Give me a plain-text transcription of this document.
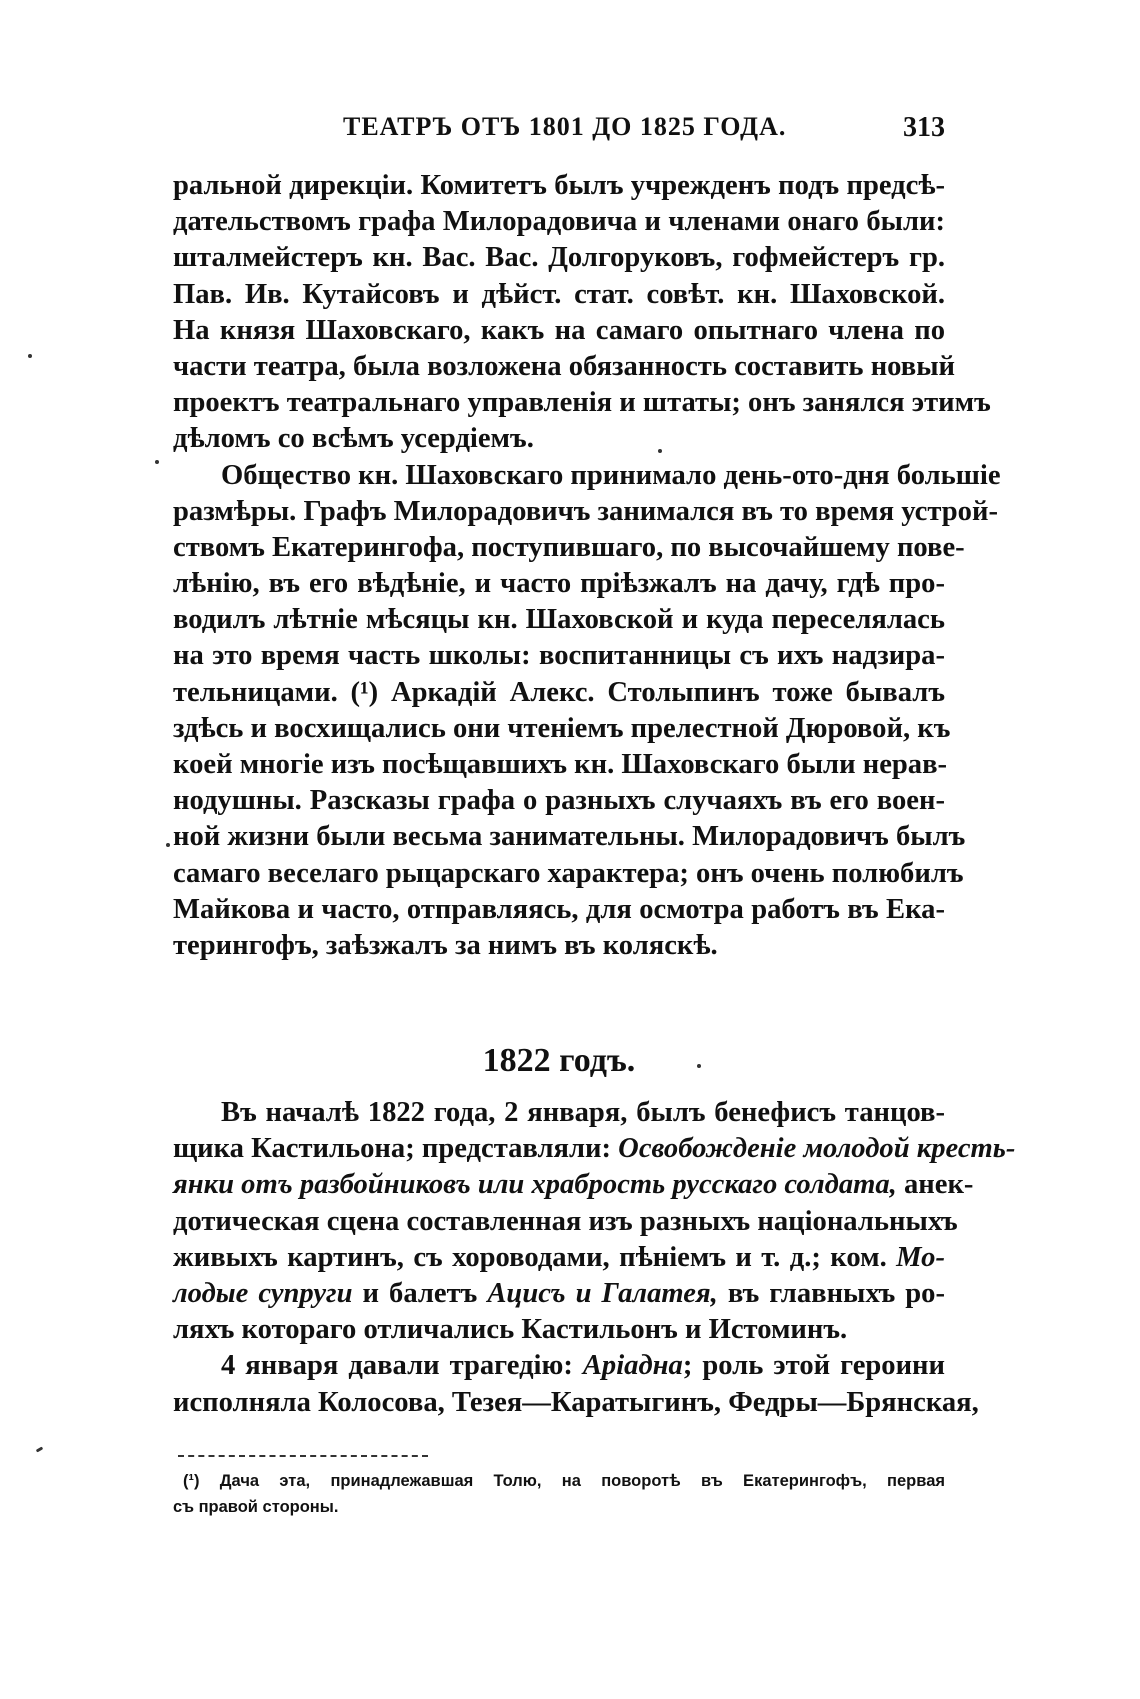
ТЕАТРЪ ОТЪ 1801 ДО 1825 ГОДА.	313
ральной дирекціи. Комитетъ былъ учрежденъ подъ предсѣ-
дательствомъ графа Милорадовича и членами онаго были:
шталмейстеръ кн. Вас. Вас. Долгоруковъ, гофмейстеръ гр.
Пав. Ив. Кутайсовъ и дѣйст. стат. совѣт. кн. Шаховской.
На князя Шаховскаго, какъ на самаго опытнаго члена по
части театра, была возложена обязанность составить новый
проектъ театральнаго управленія и штаты; онъ занялся этимъ
дѣломъ со всѣмъ усердіемъ.
Общество кн. Шаховскаго принимало день-ото-дня большіе
размѣры. Графъ Милорадовичъ занимался въ то время устрой-
ствомъ Екатерингофа, поступившаго, по высочайшему пове-
лѣнію, въ его вѣдѣніе, и часто пріѣзжалъ на дачу, гдѣ про-
водилъ лѣтніе мѣсяцы кн. Шаховской и куда переселялась
на это время часть школы: воспитанницы съ ихъ надзира-
тельницами. (¹) Аркадій Алекс. Столыпинъ тоже бывалъ
здѣсь и восхищались они чтеніемъ прелестной Дюровой, къ
коей многіе изъ посѣщавшихъ кн. Шаховскаго были нерав-
нодушны. Разсказы графа о разныхъ случаяхъ въ его воен-
ной жизни были весьма занимательны. Милорадовичъ былъ
самаго веселаго рыцарскаго характера; онъ очень полюбилъ
Майкова и часто, отправляясь, для осмотра работъ въ Ека-
терингофъ, заѣзжалъ за нимъ въ коляскѣ.
1822 годъ.
Въ началѣ 1822 года, 2 января, былъ бенефисъ танцов-
щика Кастильона; представляли: Освобожденіе молодой кресть-
янки отъ разбойниковъ или храбрость русскаго солдата, анек-
дотическая сцена составленная изъ разныхъ національныхъ
живыхъ картинъ, съ хороводами, пѣніемъ и т. д.; ком. Мо-
лодые супруги и балетъ Ацисъ и Галатея, въ главныхъ ро-
ляхъ котораго отличались Кастильонъ и Истоминъ.
4 января давали трагедію: Аріадна; роль этой героини
исполняла Колосова, Тезея—Каратыгинъ, Федры—Брянская,
(¹) Дача эта, принадлежавшая Толю, на поворотѣ въ Екатерингофъ, первая
съ правой стороны.
